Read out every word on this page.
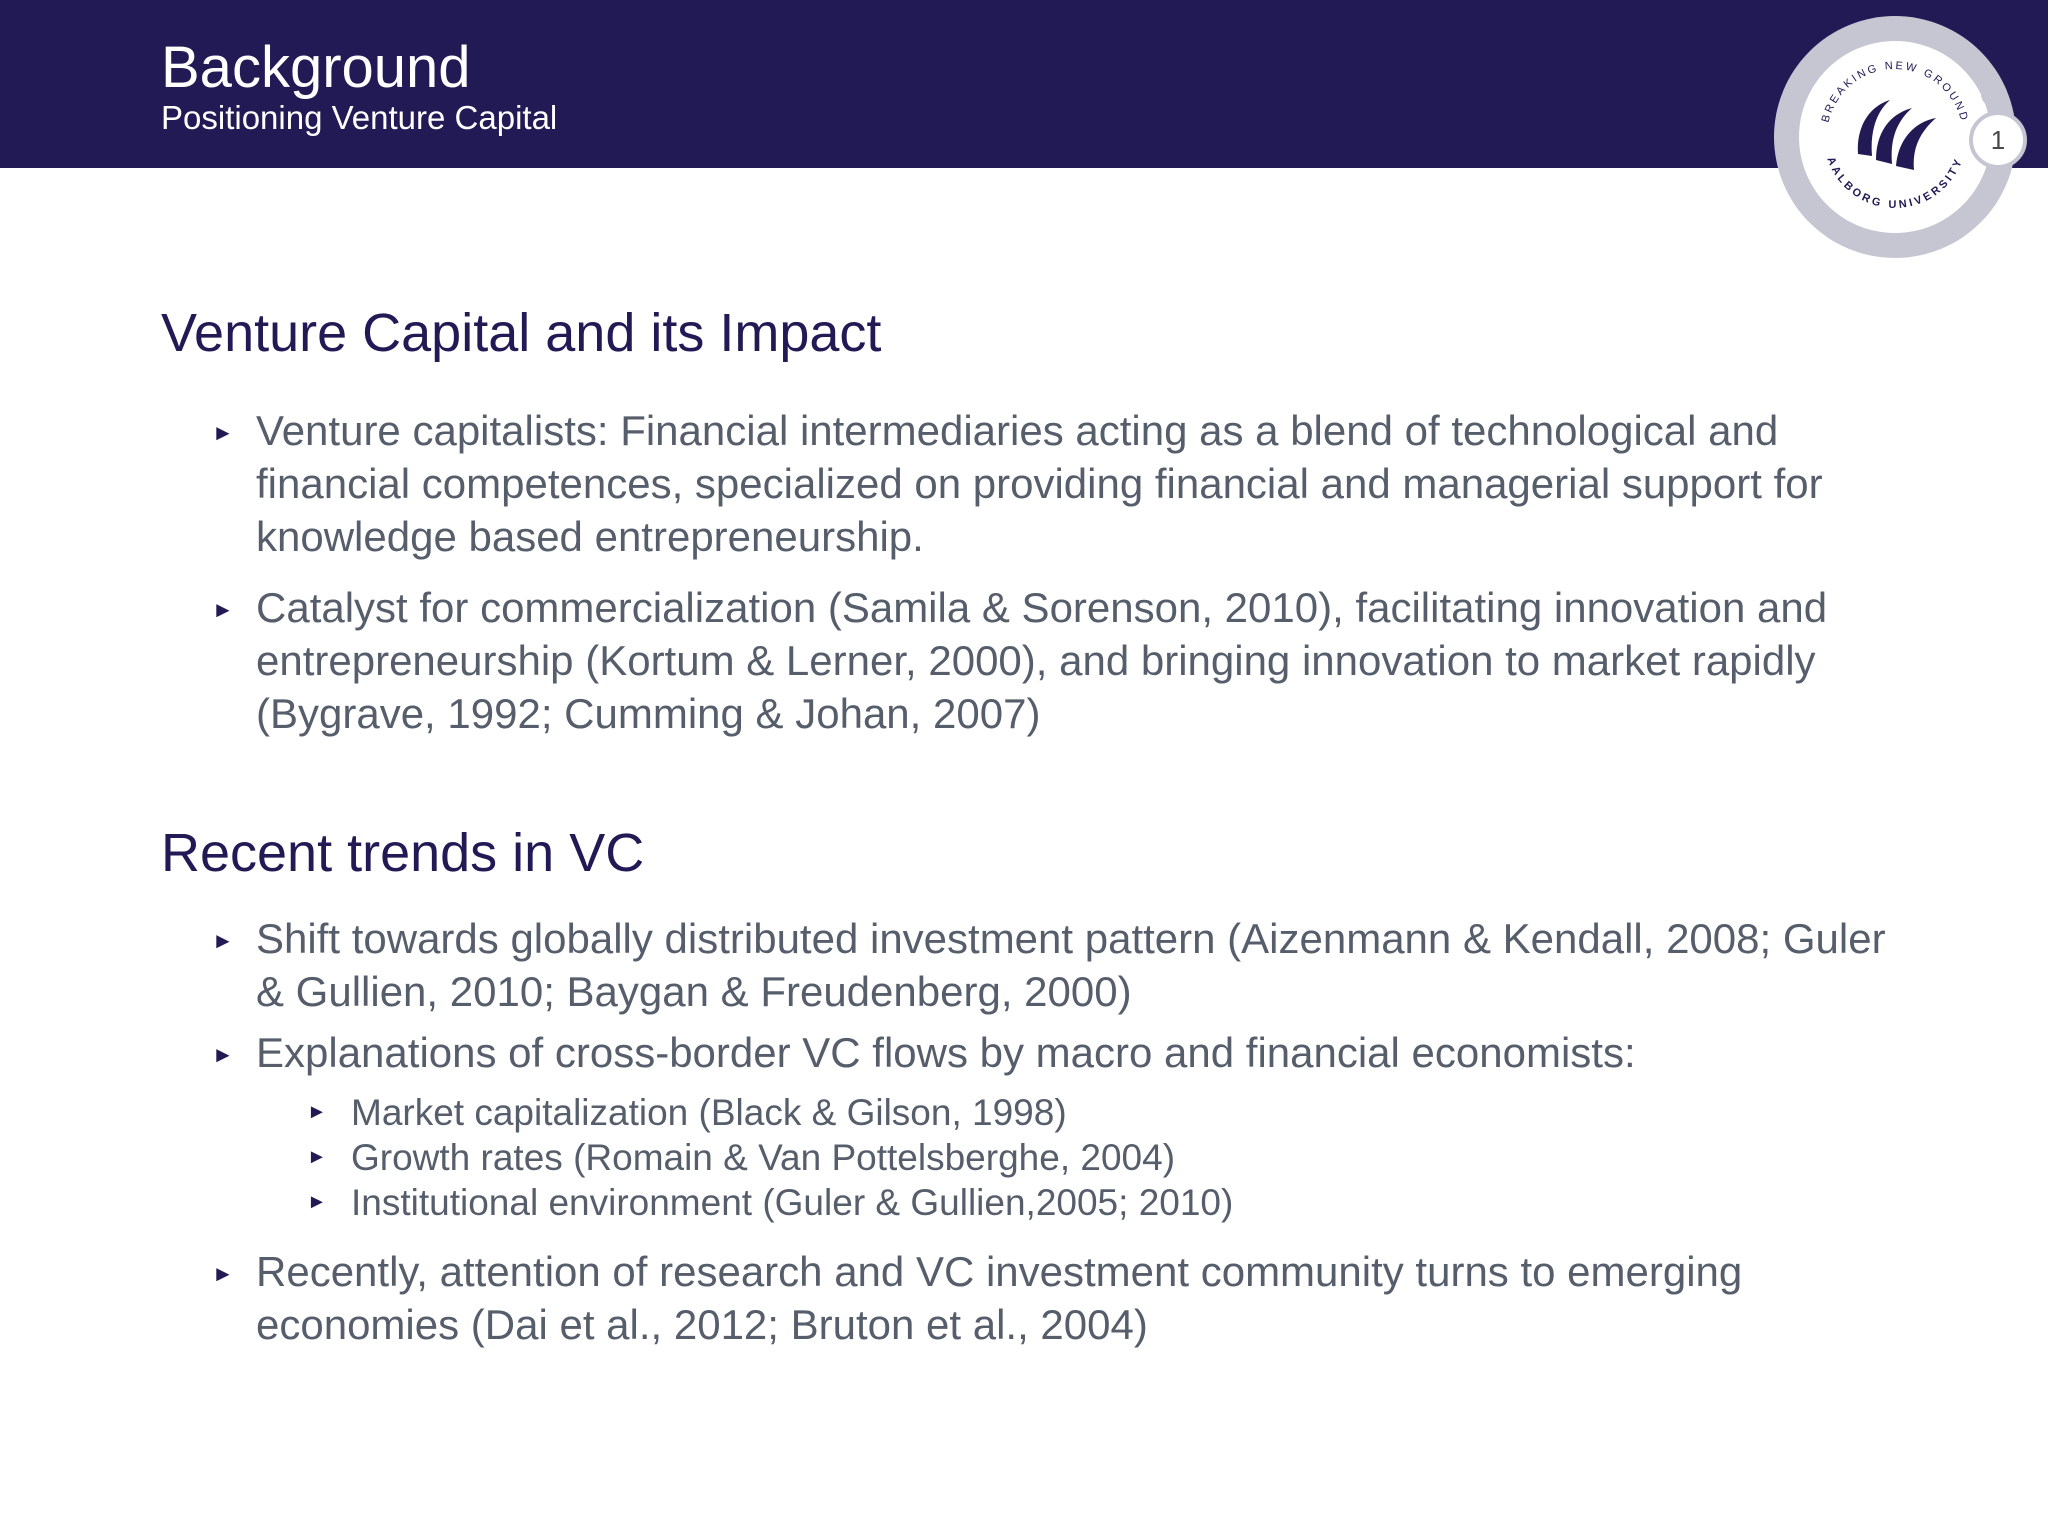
Background
Positioning Venture Capital	BREAKING NEW GROUND
AALBORG UNIVERSITY
1
Venture Capital and its Impact
► Venture capitalists: Financial intermediaries acting as a blend of technological and financial competences, specialized on providing financial and managerial support for knowledge based entrepreneurship.
► Catalyst for commercialization (Samila & Sorenson, 2010), facilitating innovation and entrepreneurship (Kortum & Lerner, 2000), and bringing innovation to market rapidly (Bygrave, 1992; Cumming & Johan, 2007)
Recent trends in VC
► Shift towards globally distributed investment pattern (Aizenmann & Kendall, 2008; Guler & Gullien, 2010; Baygan & Freudenberg, 2000)
► Explanations of cross-border VC flows by macro and financial economists:
► Market capitalization (Black & Gilson, 1998)
► Growth rates (Romain & Van Pottelsberghe, 2004)
► Institutional environment (Guler & Gullien,2005; 2010)
► Recently, attention of research and VC investment community turns to emerging economies (Dai et al., 2012; Bruton et al., 2004)
